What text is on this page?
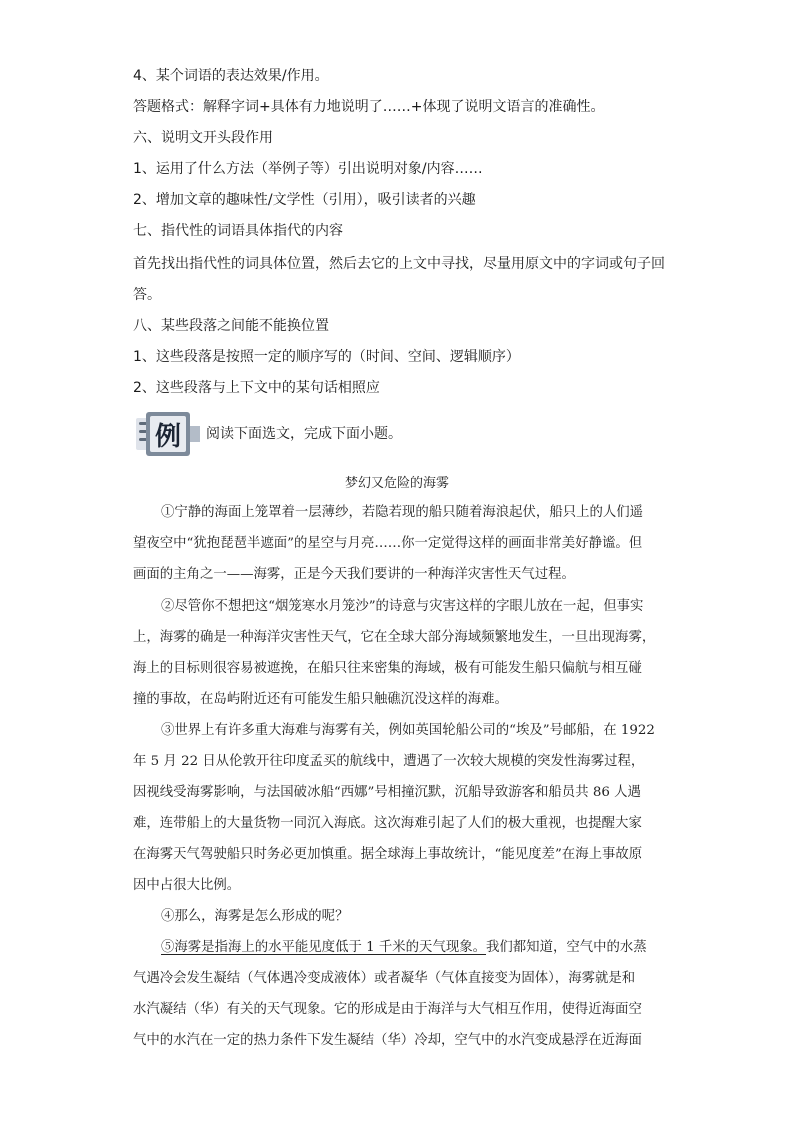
4、某个词语的表达效果/作用。
答题格式：解释字词+具体有力地说明了……+体现了说明文语言的准确性。
六、说明文开头段作用
1、运用了什么方法（举例子等）引出说明对象/内容……
2、增加文章的趣味性/文学性（引用），吸引读者的兴趣
七、指代性的词语具体指代的内容
首先找出指代性的词具体位置，然后去它的上文中寻找，尽量用原文中的字词或句子回
答。
八、某些段落之间能不能换位置
1、这些段落是按照一定的顺序写的（时间、空间、逻辑顺序）
2、这些段落与上下文中的某句话相照应
例	阅读下面选文，完成下面小题。
梦幻又危险的海雾
①宁静的海面上笼罩着一层薄纱，若隐若现的船只随着海浪起伏，船只上的人们遥
望夜空中“犹抱琵琶半遮面”的星空与月亮……你一定觉得这样的画面非常美好静谧。但
画面的主角之一——海雾，正是今天我们要讲的一种海洋灾害性天气过程。
②尽管你不想把这“烟笼寒水月笼沙”的诗意与灾害这样的字眼儿放在一起，但事实
上，海雾的确是一种海洋灾害性天气，它在全球大部分海域频繁地发生，一旦出现海雾，
海上的目标则很容易被遮挽，在船只往来密集的海域，极有可能发生船只偏航与相互碰
撞的事故，在岛屿附近还有可能发生船只触礁沉没这样的海难。
③世界上有许多重大海难与海雾有关，例如英国轮船公司的“埃及”号邮船，在 1922
年 5 月 22 日从伦敦开往印度孟买的航线中，遭遇了一次较大规模的突发性海雾过程，
因视线受海雾影响，与法国破冰船“西娜”号相撞沉默，沉船导致游客和船员共 86 人遇
难，连带船上的大量货物一同沉入海底。这次海难引起了人们的极大重视，也提醒大家
在海雾天气驾驶船只时务必更加慎重。据全球海上事故统计，“能见度差”在海上事故原
因中占很大比例。
④那么，海雾是怎么形成的呢？
⑤海雾是指海上的水平能见度低于 1 千米的天气现象。我们都知道，空气中的水蒸
气遇冷会发生凝结（气体遇冷变成液体）或者凝华（气体直接变为固体），海雾就是和
水汽凝结（华）有关的天气现象。它的形成是由于海洋与大气相互作用，使得近海面空
气中的水汽在一定的热力条件下发生凝结（华）冷却，空气中的水汽变成悬浮在近海面
